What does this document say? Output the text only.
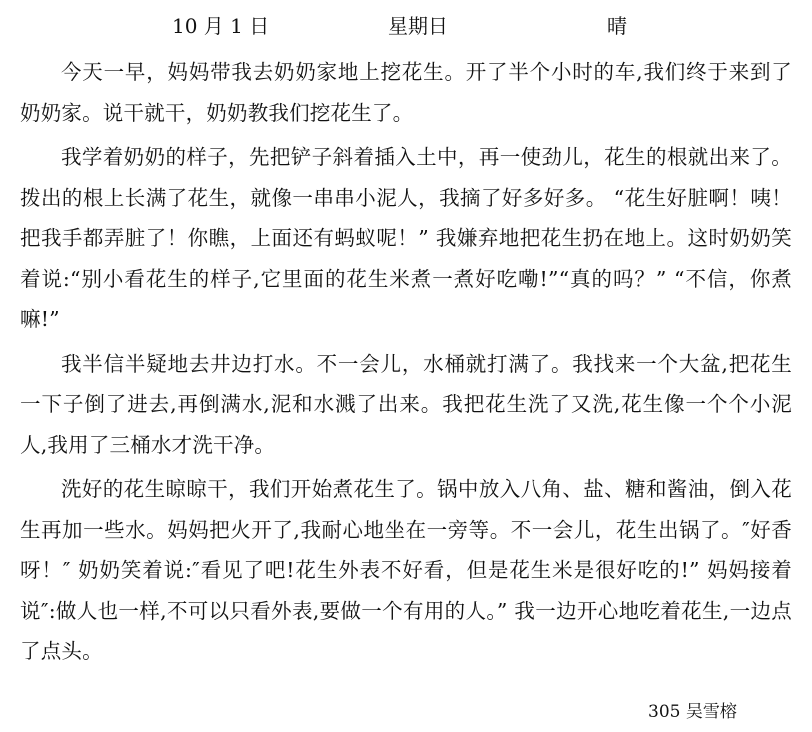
10 月 1 日	星期日	晴

今天一早，妈妈带我去奶奶家地上挖花生。开了半个小时的车,我们终于来到了奶奶家。说干就干，奶奶教我们挖花生了。

我学着奶奶的样子，先把铲子斜着插入土中，再一使劲儿，花生的根就出来了。拨出的根上长满了花生，就像一串串小泥人，我摘了好多好多。 “花生好脏啊！咦！把我手都弄脏了！你瞧，上面还有蚂蚁呢！” 我嫌弃地把花生扔在地上。这时奶奶笑着说:“别小看花生的样子,它里面的花生米煮一煮好吃嘞!”“真的吗？” “不信，你煮嘛!”

我半信半疑地去井边打水。不一会儿，水桶就打满了。我找来一个大盆,把花生一下子倒了进去,再倒满水,泥和水溅了出来。我把花生洗了又洗,花生像一个个小泥人,我用了三桶水才洗干净。

洗好的花生晾晾干，我们开始煮花生了。锅中放入八角、盐、糖和酱油，倒入花生再加一些水。妈妈把火开了,我耐心地坐在一旁等。不一会儿，花生出锅了。″好香呀！″ 奶奶笑着说:″看见了吧!花生外表不好看，但是花生米是很好吃的!” 妈妈接着说″:做人也一样,不可以只看外表,要做一个有用的人。” 我一边开心地吃着花生,一边点了点头。

305 吴雪榕
